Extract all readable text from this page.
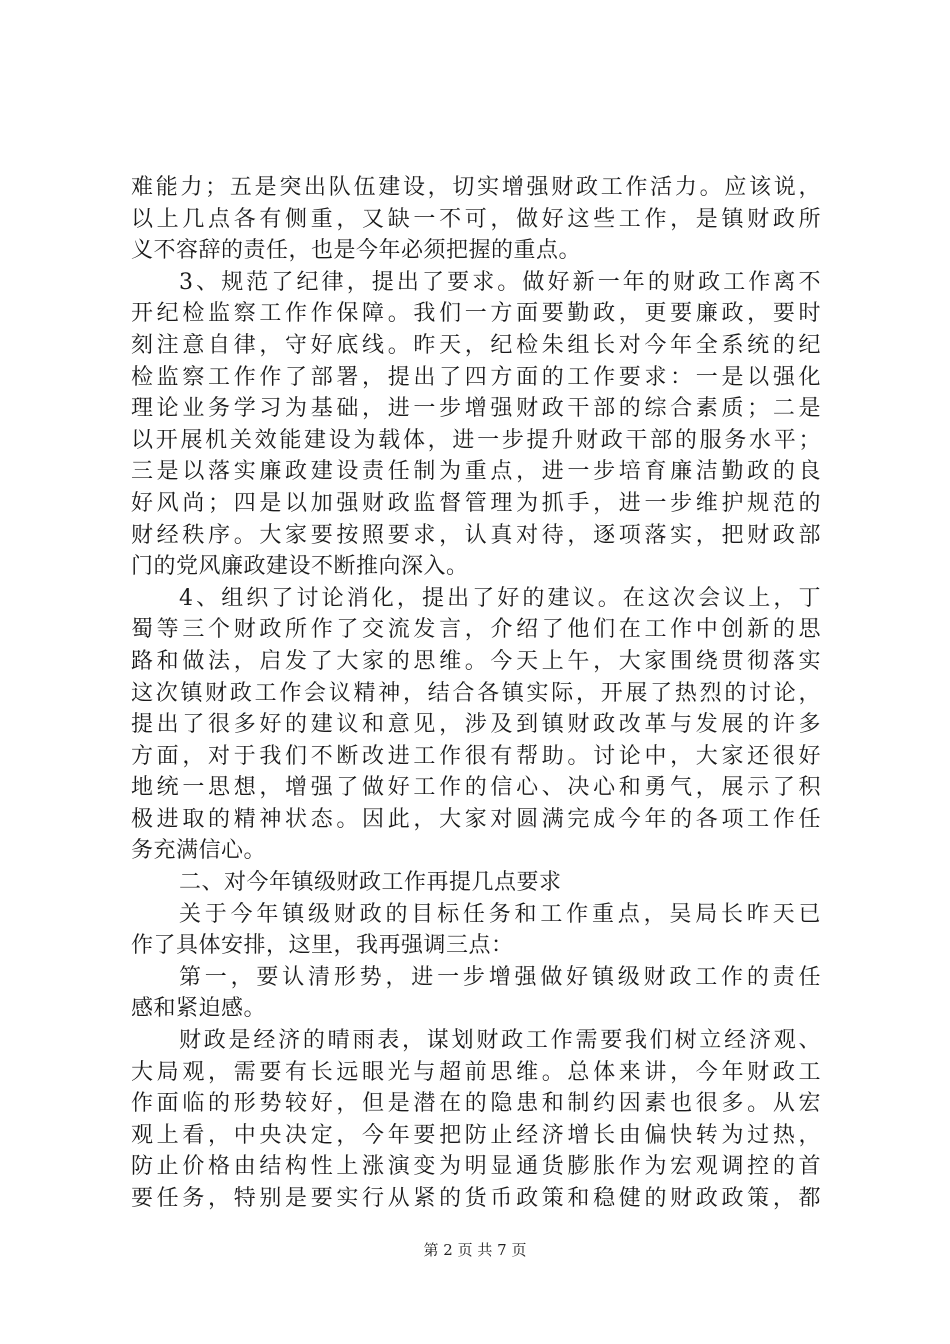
难能力；五是突出队伍建设，切实增强财政工作活力。应该说，
以上几点各有侧重，又缺一不可，做好这些工作，是镇财政所
义不容辞的责任，也是今年必须把握的重点。
3、规范了纪律，提出了要求。做好新一年的财政工作离不
开纪检监察工作作保障。我们一方面要勤政，更要廉政，要时
刻注意自律，守好底线。昨天，纪检朱组长对今年全系统的纪
检监察工作作了部署，提出了四方面的工作要求：一是以强化
理论业务学习为基础，进一步增强财政干部的综合素质；二是
以开展机关效能建设为载体，进一步提升财政干部的服务水平；
三是以落实廉政建设责任制为重点，进一步培育廉洁勤政的良
好风尚；四是以加强财政监督管理为抓手，进一步维护规范的
财经秩序。大家要按照要求，认真对待，逐项落实，把财政部
门的党风廉政建设不断推向深入。
4、组织了讨论消化，提出了好的建议。在这次会议上，丁
蜀等三个财政所作了交流发言，介绍了他们在工作中创新的思
路和做法，启发了大家的思维。今天上午，大家围绕贯彻落实
这次镇财政工作会议精神，结合各镇实际，开展了热烈的讨论，
提出了很多好的建议和意见，涉及到镇财政改革与发展的许多
方面，对于我们不断改进工作很有帮助。讨论中，大家还很好
地统一思想，增强了做好工作的信心、决心和勇气，展示了积
极进取的精神状态。因此，大家对圆满完成今年的各项工作任
务充满信心。
二、对今年镇级财政工作再提几点要求
关于今年镇级财政的目标任务和工作重点，吴局长昨天已
作了具体安排，这里，我再强调三点：
第一，要认清形势，进一步增强做好镇级财政工作的责任
感和紧迫感。
财政是经济的晴雨表，谋划财政工作需要我们树立经济观、
大局观，需要有长远眼光与超前思维。总体来讲，今年财政工
作面临的形势较好，但是潜在的隐患和制约因素也很多。从宏
观上看，中央决定，今年要把防止经济增长由偏快转为过热，
防止价格由结构性上涨演变为明显通货膨胀作为宏观调控的首
要任务，特别是要实行从紧的货币政策和稳健的财政政策，都
第 2 页 共 7 页
